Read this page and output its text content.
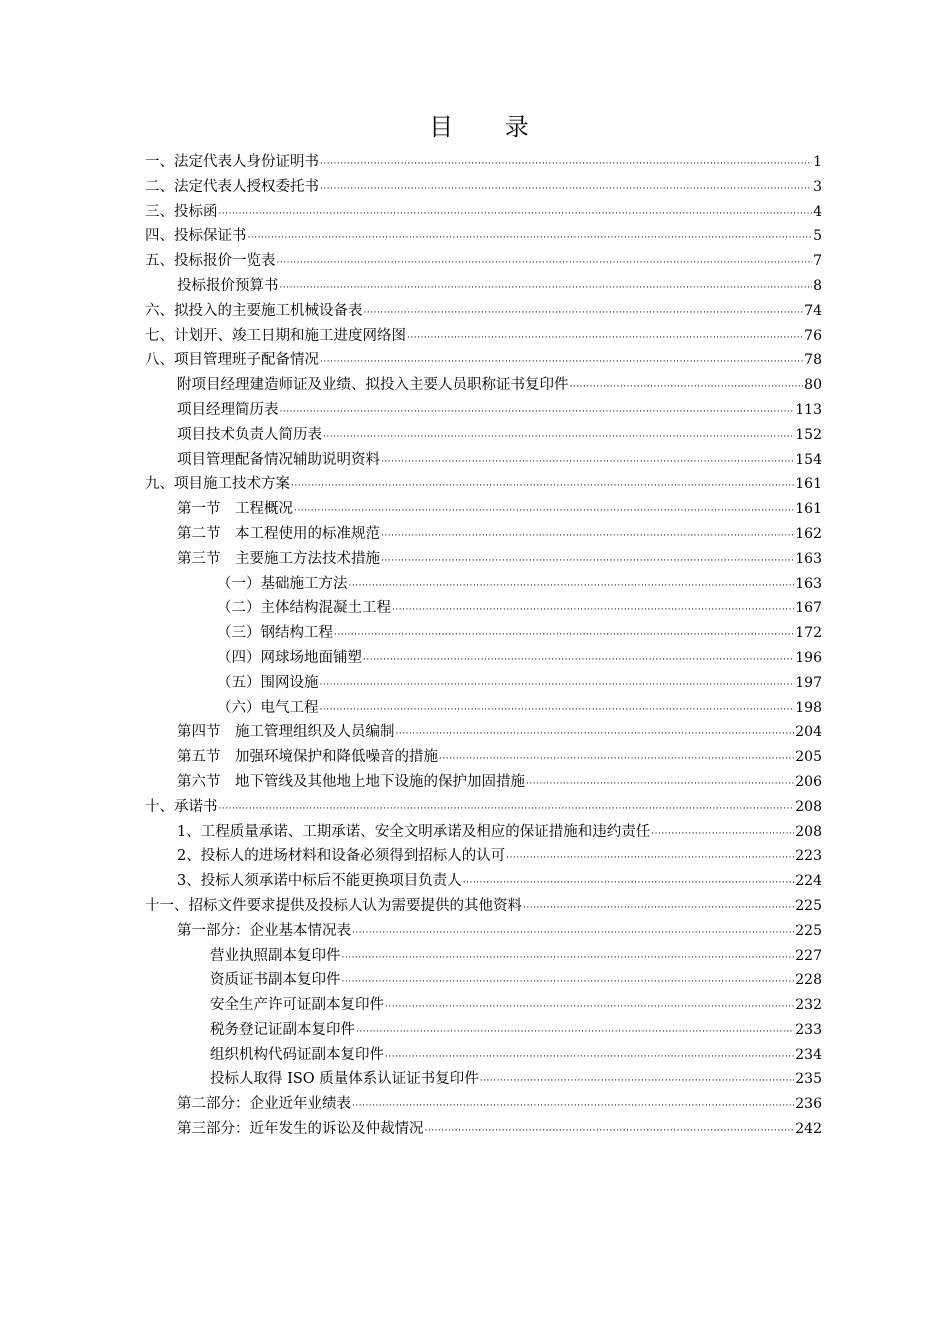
目 录
一、法定代表人身份证明书 ·····	1
二、法定代表人授权委托书 ·····	3
三、投标函 ·····	4
四、投标保证书 ·····	5
五、投标报价一览表 ·····	7
投标报价预算书 ·····	8
六、拟投入的主要施工机械设备表 ·····	74
七、计划开、竣工日期和施工进度网络图 ·····	76
八、项目管理班子配备情况 ·····	78
附项目经理建造师证及业绩、拟投入主要人员职称证书复印件 ·····	80
项目经理简历表 ·····	113
项目技术负责人简历表 ·····	152
项目管理配备情况辅助说明资料 ·····	154
九、项目施工技术方案 ·····	161
第一节　工程概况 ·····	161
第二节　本工程使用的标准规范 ·····	162
第三节　主要施工方法技术措施 ·····	163
（一）基础施工方法 ·····	163
（二）主体结构混凝土工程 ·····	167
（三）钢结构工程 ·····	172
（四）网球场地面铺塑 ·····	196
（五）围网设施 ·····	197
（六）电气工程 ·····	198
第四节　施工管理组织及人员编制 ·····	204
第五节　加强环境保护和降低噪音的措施 ·····	205
第六节　地下管线及其他地上地下设施的保护加固措施 ·····	206
十、承诺书 ·····	208
1、工程质量承诺、工期承诺、安全文明承诺及相应的保证措施和违约责任 ·····	208
2、投标人的进场材料和设备必须得到招标人的认可 ·····	223
3、投标人须承诺中标后不能更换项目负责人 ·····	224
十一、招标文件要求提供及投标人认为需要提供的其他资料 ·····	225
第一部分：企业基本情况表 ·····	225
营业执照副本复印件 ·····	227
资质证书副本复印件 ·····	228
安全生产许可证副本复印件 ·····	232
税务登记证副本复印件 ·····	233
组织机构代码证副本复印件 ·····	234
投标人取得 ISO 质量体系认证证书复印件 ·····	235
第二部分：企业近年业绩表 ·····	236
第三部分：近年发生的诉讼及仲裁情况 ·····	242
